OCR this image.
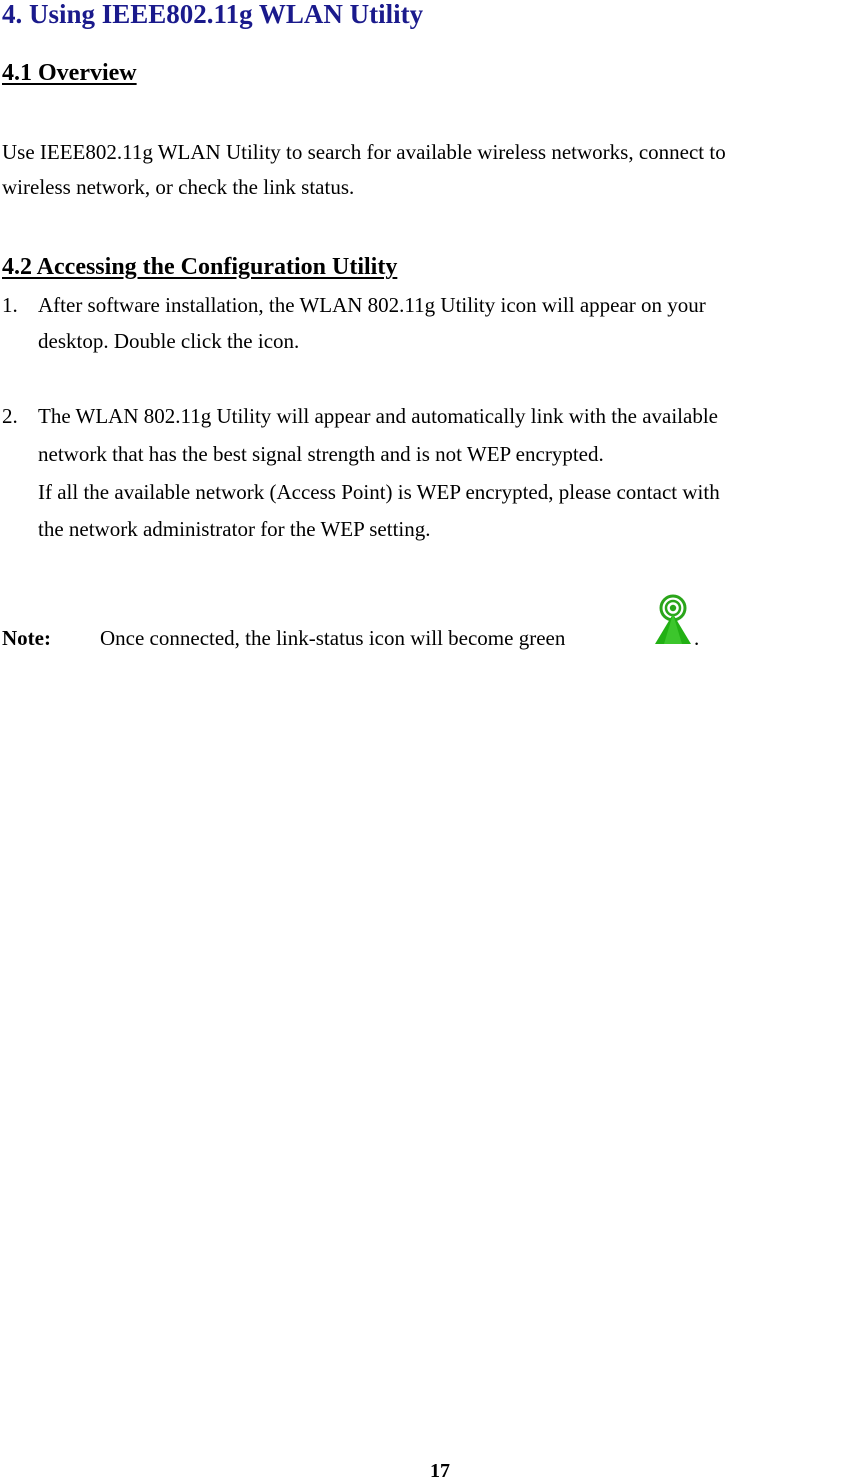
4. Using IEEE802.11g WLAN Utility
4.1 Overview
Use IEEE802.11g WLAN Utility to search for available wireless networks, connect to
wireless network, or check the link status.
4.2 Accessing the Configuration Utility
1. After software installation, the WLAN 802.11g Utility icon will appear on your
desktop. Double click the icon.
2. The WLAN 802.11g Utility will appear and automatically link with the available
network that has the best signal strength and is not WEP encrypted.
If all the available network (Access Point) is WEP encrypted, please contact with
the network administrator for the WEP setting.
Note: Once connected, the link-status icon will become green	.
17
